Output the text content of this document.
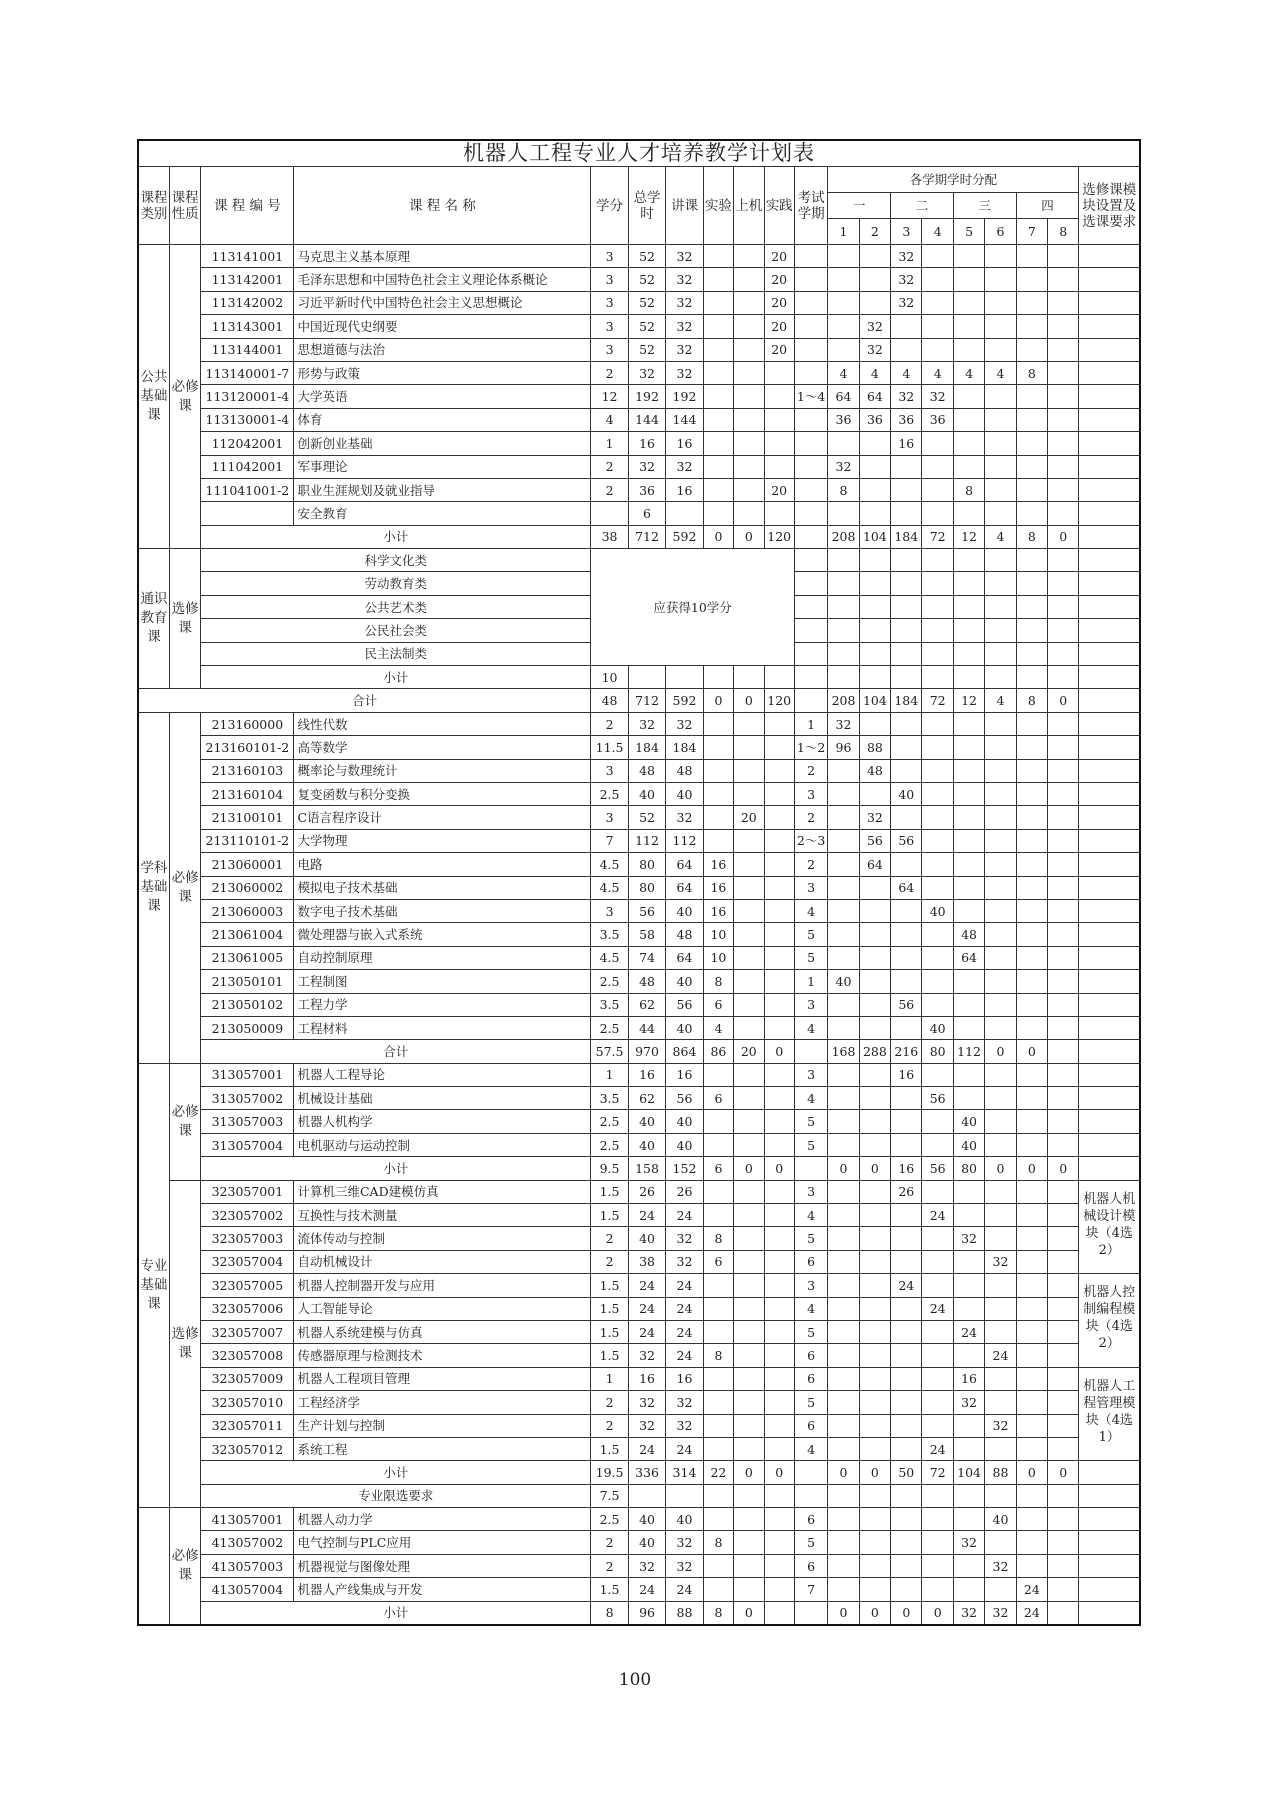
机器人工程专业人才培养教学计划表																			
课程类别	课程性质	课 程 编 号	课 程 名 称	学分	总学时	讲课	实验	上机	实践	考试学期	各学期学时分配								选修课模块设置及选课要求
											一		二		三		四		
											1	2	3	4	5	6	7	8	
公共基础课	必修课	113141001	马克思主义基本原理	3	52	32			20				32						
		113142001	毛泽东思想和中国特色社会主义理论体系概论	3	52	32			20				32						
		113142002	习近平新时代中国特色社会主义思想概论	3	52	32			20				32						
		113143001	中国近现代史纲要	3	52	32			20			32							
		113144001	思想道德与法治	3	52	32			20			32							
		113140001-7	形势与政策	2	32	32					4	4	4	4	4	4	8		
		113120001-4	大学英语	12	192	192				1～4	64	64	32	32					
		113130001-4	体育	4	144	144					36	36	36	36					
		112042001	创新创业基础	1	16	16							16						
		111042001	军事理论	2	32	32					32								
		111041001-2	职业生涯规划及就业指导	2	36	16			20		8				8				
			安全教育		6														
		小计		38	712	592	0	0	120		208	104	184	72	12	4	8	0	
通识教育课	选修课	科学文化类		应获得10学分															
		劳动教育类																	
		公共艺术类																	
		公民社会类																	
		民主法制类																	
		小计		10															
合计				48	712	592	0	0	120		208	104	184	72	12	4	8	0	
学科基础课	必修课	213160000	线性代数	2	32	32				1	32								
		213160101-2	高等数学	11.5	184	184				1～2	96	88							
		213160103	概率论与数理统计	3	48	48				2		48							
		213160104	复变函数与积分变换	2.5	40	40				3			40						
		213100101	C语言程序设计	3	52	32		20		2		32							
		213110101-2	大学物理	7	112	112				2～3		56	56						
		213060001	电路	4.5	80	64	16			2		64							
		213060002	模拟电子技术基础	4.5	80	64	16			3			64						
		213060003	数字电子技术基础	3	56	40	16			4				40					
		213061004	微处理器与嵌入式系统	3.5	58	48	10			5					48				
		213061005	自动控制原理	4.5	74	64	10			5					64				
		213050101	工程制图	2.5	48	40	8			1	40								
		213050102	工程力学	3.5	62	56	6			3			56						
		213050009	工程材料	2.5	44	40	4			4				40					
		合计		57.5	970	864	86	20	0		168	288	216	80	112	0	0		
专业基础课	必修课	313057001	机器人工程导论	1	16	16				3			16						
		313057002	机械设计基础	3.5	62	56	6			4				56					
		313057003	机器人机构学	2.5	40	40				5					40				
		313057004	电机驱动与运动控制	2.5	40	40				5					40				
		小计		9.5	158	152	6	0	0		0	0	16	56	80	0	0	0	
	选修课	323057001	计算机三维CAD建模仿真	1.5	26	26				3			26						机器人机械设计模块（4选2）

		323057002	互换性与技术测量	1.5	24	24				4				24					
		323057003	流体传动与控制	2	40	32	8			5					32				
		323057004	自动机械设计	2	38	32	6			6						32			
		323057005	机器人控制器开发与应用	1.5	24	24				3			24						机器人控制编程模块（4选2）

		323057006	人工智能导论	1.5	24	24				4				24					
		323057007	机器人系统建模与仿真	1.5	24	24				5					24				
		323057008	传感器原理与检测技术	1.5	32	24	8			6						24			
		323057009	机器人工程项目管理	1	16	16				6					16				机器人工程管理模块（4选1）

		323057010	工程经济学	2	32	32				5					32				
		323057011	生产计划与控制	2	32	32				6						32			
		323057012	系统工程	1.5	24	24				4				24					
		小计		19.5	336	314	22	0	0		0	0	50	72	104	88	0	0	
		专业限选要求		7.5															
	必修课	413057001	机器人动力学	2.5	40	40				6						40			
		413057002	电气控制与PLC应用	2	40	32	8			5					32				
		413057003	机器视觉与图像处理	2	32	32				6						32			
		413057004	机器人产线集成与开发	1.5	24	24				7							24		
		小计		8	96	88	8	0			0	0	0	0	32	32	24		
100
